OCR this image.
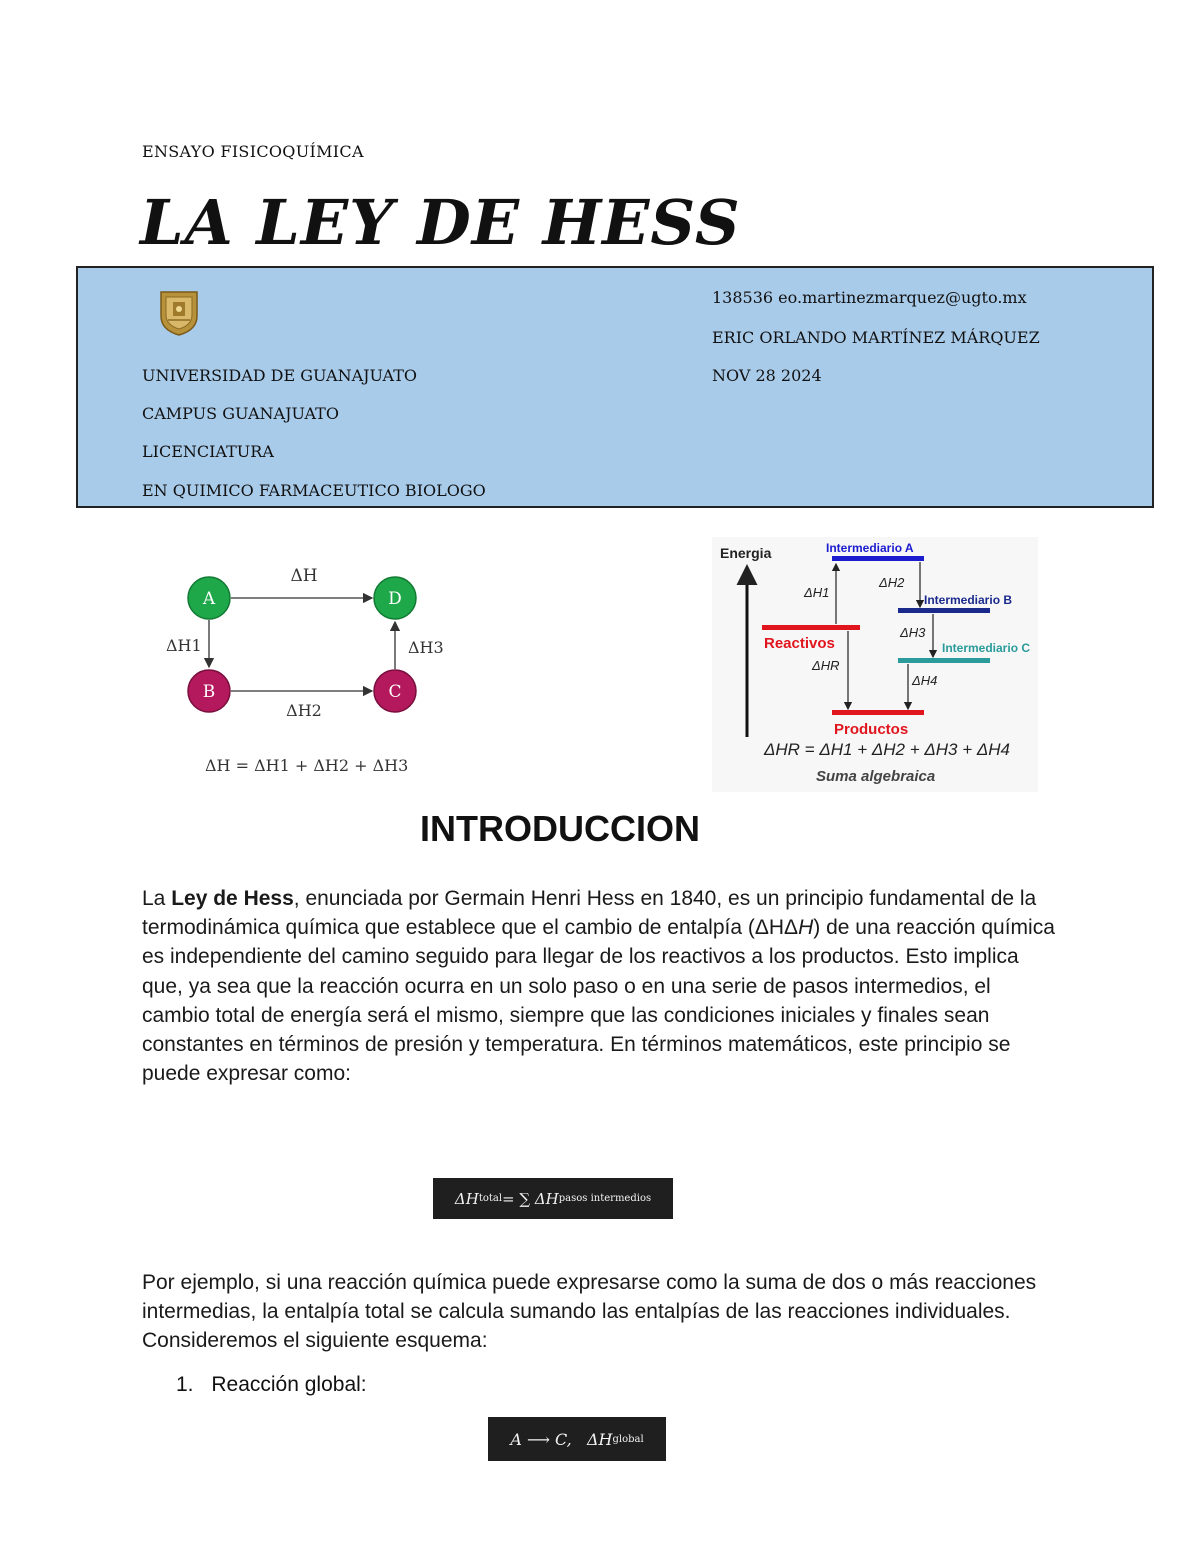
ENSAYO FISICOQUÍMICA
LA LEY DE HESS
UNIVERSIDAD DE GUANAJUATO
CAMPUS GUANAJUATO
LICENCIATURA
EN QUIMICO FARMACEUTICO BIOLOGO
138536 eo.martinezmarquez@ugto.mx
ERIC ORLANDO MARTÍNEZ MÁRQUEZ
NOV 28 2024
A
B	C
D
ΔH
ΔH1
ΔH2
ΔH3
ΔH = ΔH1 + ΔH2 + ΔH3
Energia	Intermediario A
Intermediario B
Intermediario C
Reactivos
Productos
ΔH1
ΔH2
ΔH3
ΔH4
ΔHR
ΔHR = ΔH1 + ΔH2 + ΔH3 + ΔH4
Suma algebraica
INTRODUCCION
La Ley de Hess, enunciada por Germain Henri Hess en 1840, es un principio fundamental de la termodinámica química que establece que el cambio de entalpía (ΔHΔH) de una reacción química es independiente del camino seguido para llegar de los reactivos a los productos. Esto implica que, ya sea que la reacción ocurra en un solo paso o en una serie de pasos intermedios, el cambio total de energía será el mismo, siempre que las condiciones iniciales y finales sean constantes en términos de presión y temperatura. En términos matemáticos, este principio se puede expresar como:
ΔH total = ∑ ΔH pasos intermedios
Por ejemplo, si una reacción química puede expresarse como la suma de dos o más reacciones intermedias, la entalpía total se calcula sumando las entalpías de las reacciones individuales. Consideremos el siguiente esquema:
1. Reacción global:
A ⟶ C,   ΔH global
